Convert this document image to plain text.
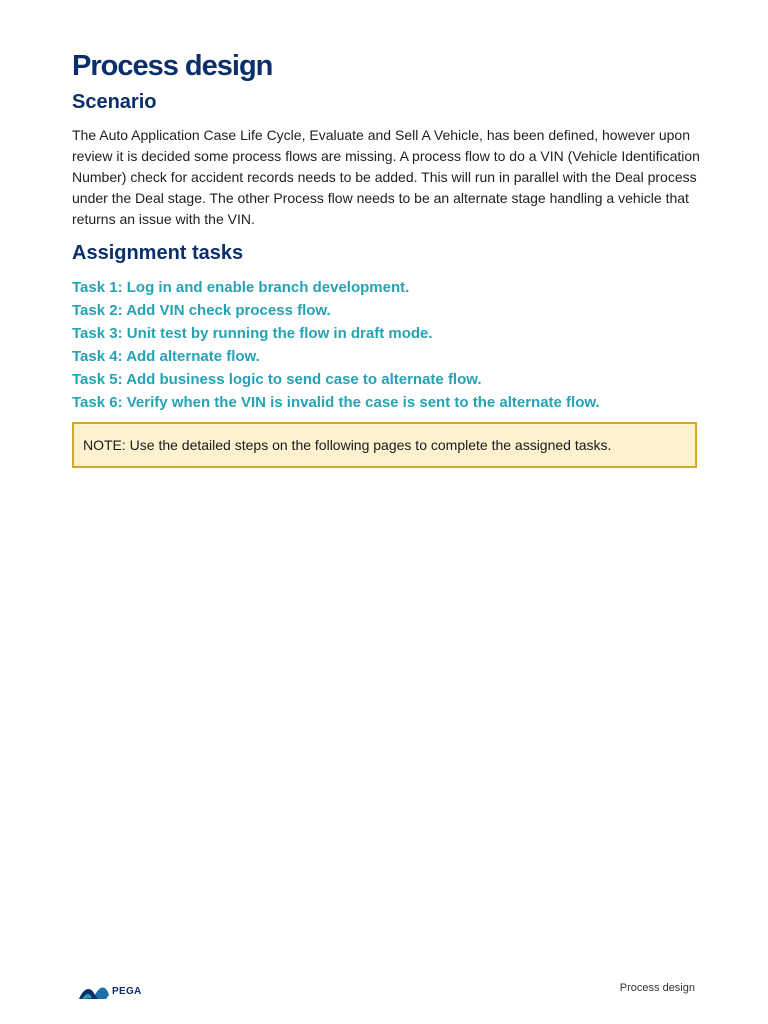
Process design
Scenario

The Auto Application Case Life Cycle, Evaluate and Sell A Vehicle, has been defined, however upon review it is decided some process flows are missing. A process flow to do a VIN (Vehicle Identification Number) check for accident records needs to be added. This will run in parallel with the Deal process under the Deal stage. The other Process flow needs to be an alternate stage handling a vehicle that returns an issue with the VIN.

Assignment tasks
Task 1: Log in and enable branch development.
Task 2: Add VIN check process flow.
Task 3: Unit test by running the flow in draft mode.
Task 4: Add alternate flow.
Task 5: Add business logic to send case to alternate flow.
Task 6: Verify when the VIN is invalid the case is sent to the alternate flow.
NOTE: Use the detailed steps on the following pages to complete the assigned tasks.
PEGA	Process design
